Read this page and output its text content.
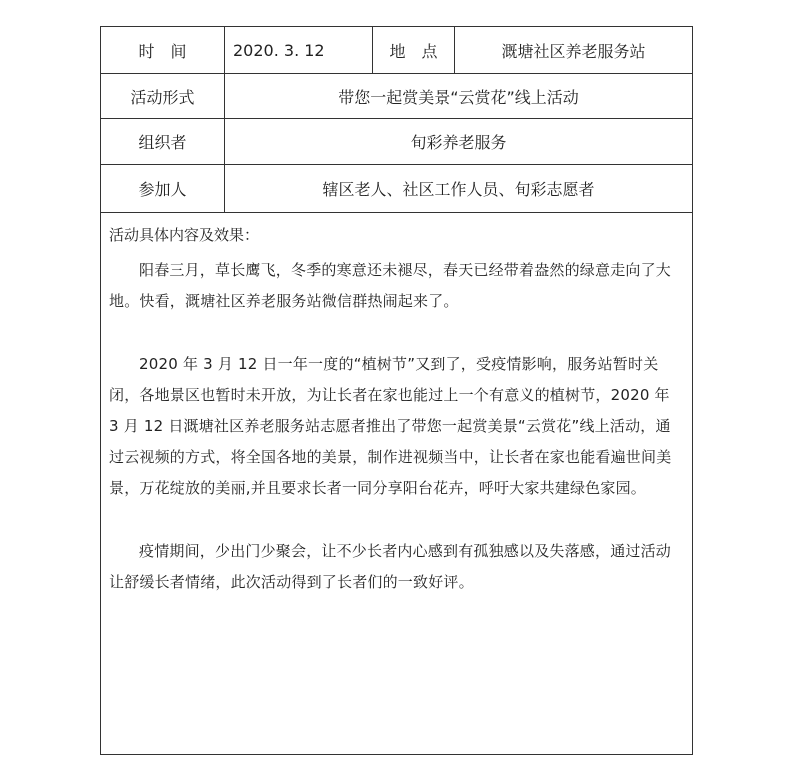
时　间	2020. 3. 12	地　点	溉塘社区养老服务站
活动形式	带您一起赏美景“云赏花”线上活动
组织者	旬彩养老服务
参加人	辖区老人、社区工作人员、旬彩志愿者
活动具体内容及效果：

阳春三月，草长鹰飞，冬季的寒意还未褪尽，春天已经带着盎然的绿意走向了大地。快看，溉塘社区养老服务站微信群热闹起来了。

2020 年 3 月 12 日一年一度的“植树节”又到了，受疫情影响，服务站暂时关闭，各地景区也暂时未开放，为让长者在家也能过上一个有意义的植树节，2020 年 3 月 12 日溉塘社区养老服务站志愿者推出了带您一起赏美景“云赏花”线上活动，通过云视频的方式，将全国各地的美景，制作进视频当中，让长者在家也能看遍世间美景，万花绽放的美丽,并且要求长者一同分享阳台花卉，呼吁大家共建绿色家园。

疫情期间，少出门少聚会，让不少长者内心感到有孤独感以及失落感，通过活动让舒缓长者情绪，此次活动得到了长者们的一致好评。
